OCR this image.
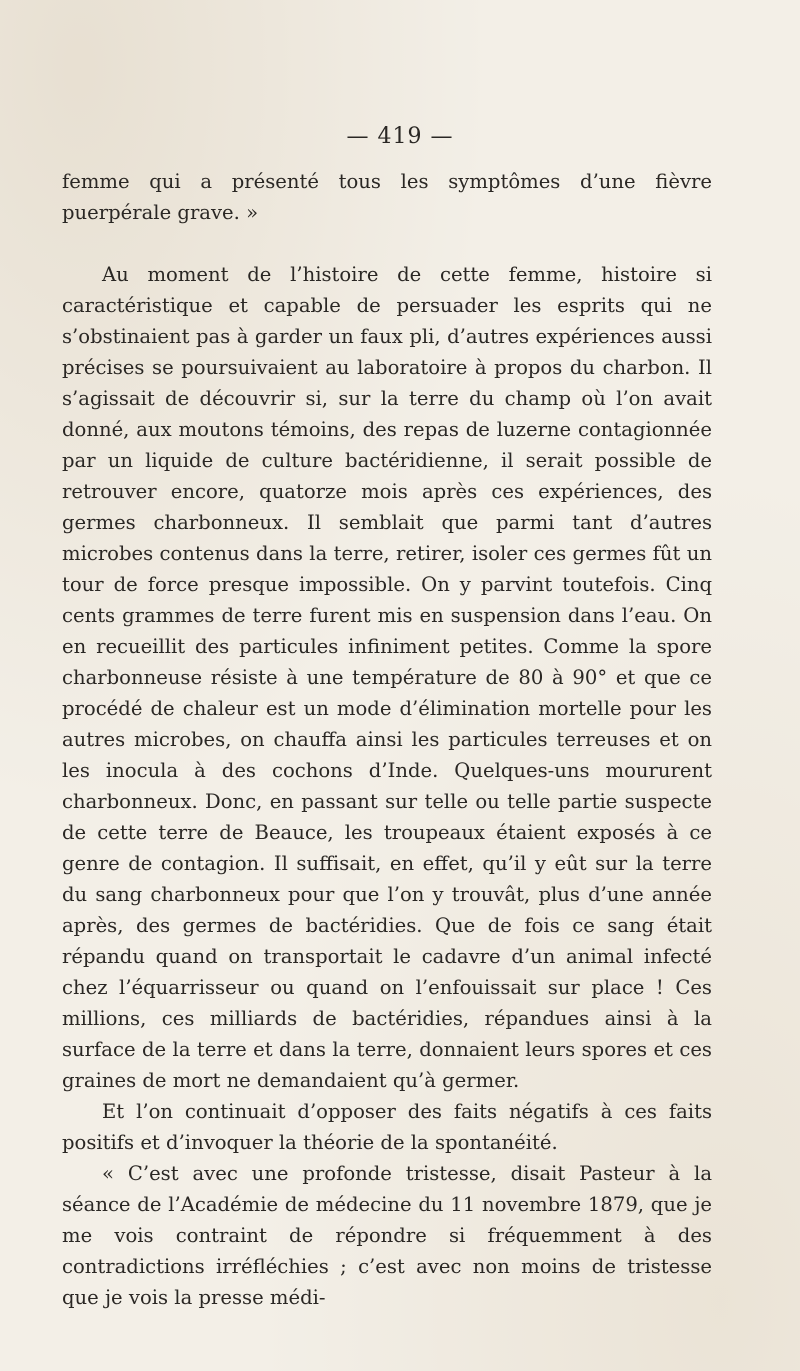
— 419 —

femme qui a présenté tous les symptômes d’une fièvre puerpérale grave. »

Au moment de l’histoire de cette femme, histoire si caractéristique et capable de persuader les esprits qui ne s’obstinaient pas à garder un faux pli, d’autres expériences aussi précises se poursuivaient au laboratoire à propos du charbon. Il s’agissait de découvrir si, sur la terre du champ où l’on avait donné, aux moutons témoins, des repas de luzerne contagionnée par un liquide de culture bactéridienne, il serait possible de retrouver encore, quatorze mois après ces expériences, des germes charbonneux. Il semblait que parmi tant d’autres microbes contenus dans la terre, retirer, isoler ces germes fût un tour de force presque impossible. On y parvint toutefois. Cinq cents grammes de terre furent mis en suspension dans l’eau. On en recueillit des particules infiniment petites. Comme la spore charbonneuse résiste à une température de 80 à 90° et que ce procédé de chaleur est un mode d’élimination mortelle pour les autres microbes, on chauffa ainsi les particules terreuses et on les inocula à des cochons d’Inde. Quelques-uns moururent charbonneux. Donc, en passant sur telle ou telle partie suspecte de cette terre de Beauce, les troupeaux étaient exposés à ce genre de contagion. Il suffisait, en effet, qu’il y eût sur la terre du sang charbonneux pour que l’on y trouvât, plus d’une année après, des germes de bactéridies. Que de fois ce sang était répandu quand on transportait le cadavre d’un animal infecté chez l’équarrisseur ou quand on l’enfouissait sur place ! Ces millions, ces milliards de bactéridies, répandues ainsi à la surface de la terre et dans la terre, donnaient leurs spores et ces graines de mort ne demandaient qu’à germer.

Et l’on continuait d’opposer des faits négatifs à ces faits positifs et d’invoquer la théorie de la spontanéité.

« C’est avec une profonde tristesse, disait Pasteur à la séance de l’Académie de médecine du 11 novembre 1879, que je me vois contraint de répondre si fréquemment à des contradictions irréfléchies ; c’est avec non moins de tristesse que je vois la presse médi-
